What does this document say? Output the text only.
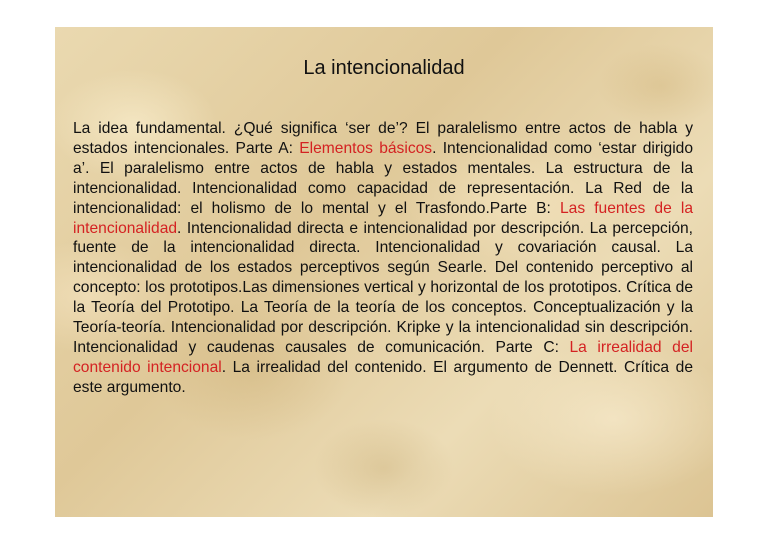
La intencionalidad

La idea fundamental. ¿Qué significa ‘ser de’? El paralelismo entre actos de habla y estados intencionales. Parte A: Elementos básicos. Intencionalidad como ‘estar dirigido a’. El paralelismo entre actos de habla y estados mentales. La estructura de la intencionalidad. Intencionalidad como capacidad de representación. La Red de la intencionalidad: el holismo de lo mental y el Trasfondo.Parte B: Las fuentes de la intencionalidad. Intencionalidad directa e intencionalidad por descripción. La percepción, fuente de la intencionalidad directa. Intencionalidad y covariación causal. La intencionalidad de los estados perceptivos según Searle. Del contenido perceptivo al concepto: los prototipos.Las dimensiones vertical y horizontal de los prototipos. Crítica de la Teoría del Prototipo. La Teoría de la teoría de los conceptos. Conceptualización y la Teoría-teoría. Intencionalidad por descripción. Kripke y la intencionalidad sin descripción. Intencionalidad y caudenas causales de comunicación. Parte C: La irrealidad del contenido intencional. La irrealidad del contenido. El argumento de Dennett. Crítica de este argumento.
